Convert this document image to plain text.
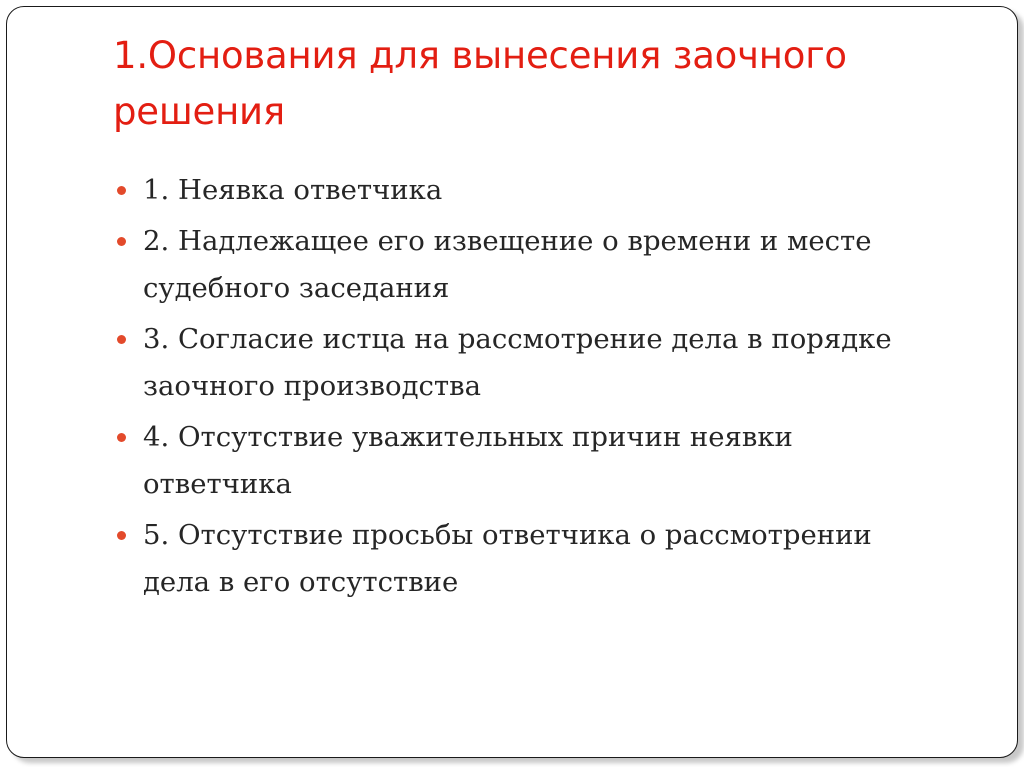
1.Основания для вынесения заочного решения
1. Неявка ответчика
2. Надлежащее его извещение о времени и месте судебного заседания
3. Согласие истца на рассмотрение дела в порядке заочного производства
4. Отсутствие уважительных причин неявки ответчика
5. Отсутствие просьбы ответчика о рассмотрении дела в его отсутствие
